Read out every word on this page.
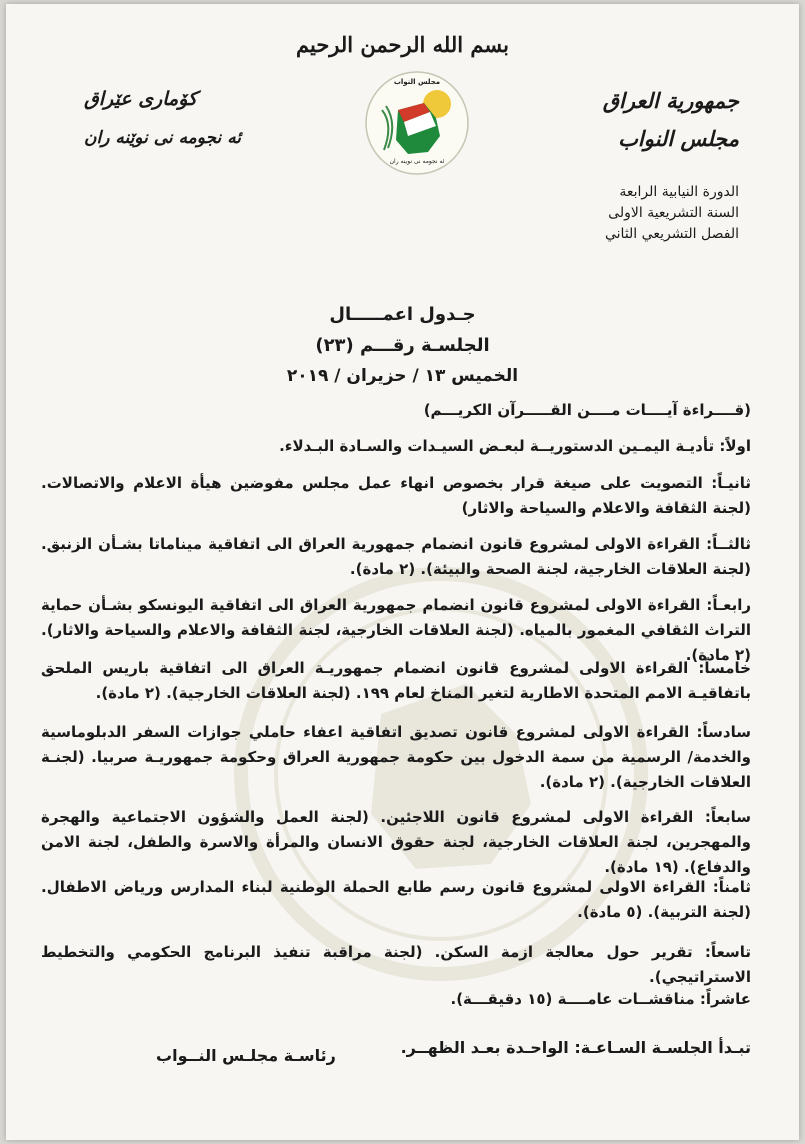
بسم الله الرحمن الرحيم
جمهورية العراق
مجلس النواب
كۆماری عێراق
ئه نجومه نی نوێنه ران
مجلس النواب
ئه نجومه نی نوینه ران
الدورة النيابية الرابعة
السنة التشريعية الاولى
الفصل التشريعي الثاني
جـدول اعمـــــال
الجلسـة رقـــم (٢٣)
الخميس ١٣ / حزيران / ٢٠١٩
(قــــراءة آيــــات مــــن القـــــرآن الكريـــم)
اولاً: تأديـة اليمـين الدستوريــة لبعـض السيـدات والسـادة البـدلاء.
ثانيـاً: التصويت على صيغة قرار بخصوص انهاء عمل مجلس مفوضين هيأة الاعلام والاتصالات. (لجنة الثقافة والاعلام والسياحة والاثار)
ثالثــاً: القراءة الاولى لمشروع قانون انضمام جمهورية العراق الى اتفاقية ميناماتا بشـأن الزنبق. (لجنة العلاقات الخارجية، لجنة الصحة والبيئة). (٢ مادة).
رابعـاً: القراءة الاولى لمشروع قانون انضمام جمهورية العراق الى اتفاقية اليونسكو بشـأن حماية التراث الثقافي المغمور بالمياه. (لجنة العلاقات الخارجية، لجنة الثقافة والاعلام والسياحة والاثار). (٢ مادة).
خامساً: القراءة الاولى لمشروع قانون انضمام جمهوريـة العراق الى اتفاقية باريس الملحق باتفاقيـة الامم المتحدة الاطارية لتغير المناخ لعام ١٩٩. (لجنة العلاقات الخارجية). (٢ مادة).
سادساً: القراءة الاولى لمشروع قانون تصديق اتفاقية اعفاء حاملي جوازات السفر الدبلوماسية والخدمة/ الرسمية من سمة الدخول بين حكومة جمهورية العراق وحكومة جمهوريـة صربيا. (لجنـة العلاقات الخارجية). (٢ مادة).
سابعاً: القراءة الاولى لمشروع قانون اللاجئين. (لجنة العمل والشؤون الاجتماعية والهجرة والمهجرين، لجنة العلاقات الخارجية، لجنة حقوق الانسان والمرأة والاسرة والطفل، لجنة الامن والدفاع). (١٩ مادة).
ثامناً: القراءة الاولى لمشروع قانون رسم طابع الحملة الوطنية لبناء المدارس ورياض الاطفال. (لجنة التربية). (٥ مادة).
تاسعاً: تقرير حول معالجة ازمة السكن. (لجنة مراقبة تنفيذ البرنامج الحكومي والتخطيط الاستراتيجي).
عاشراً: مناقشــات عامــــة (١٥ دقيقـــة).
تبـدأ الجلسـة السـاعـة: الواحـدة بعـد الظهــر.
رئاسـة مجلـس النــواب
